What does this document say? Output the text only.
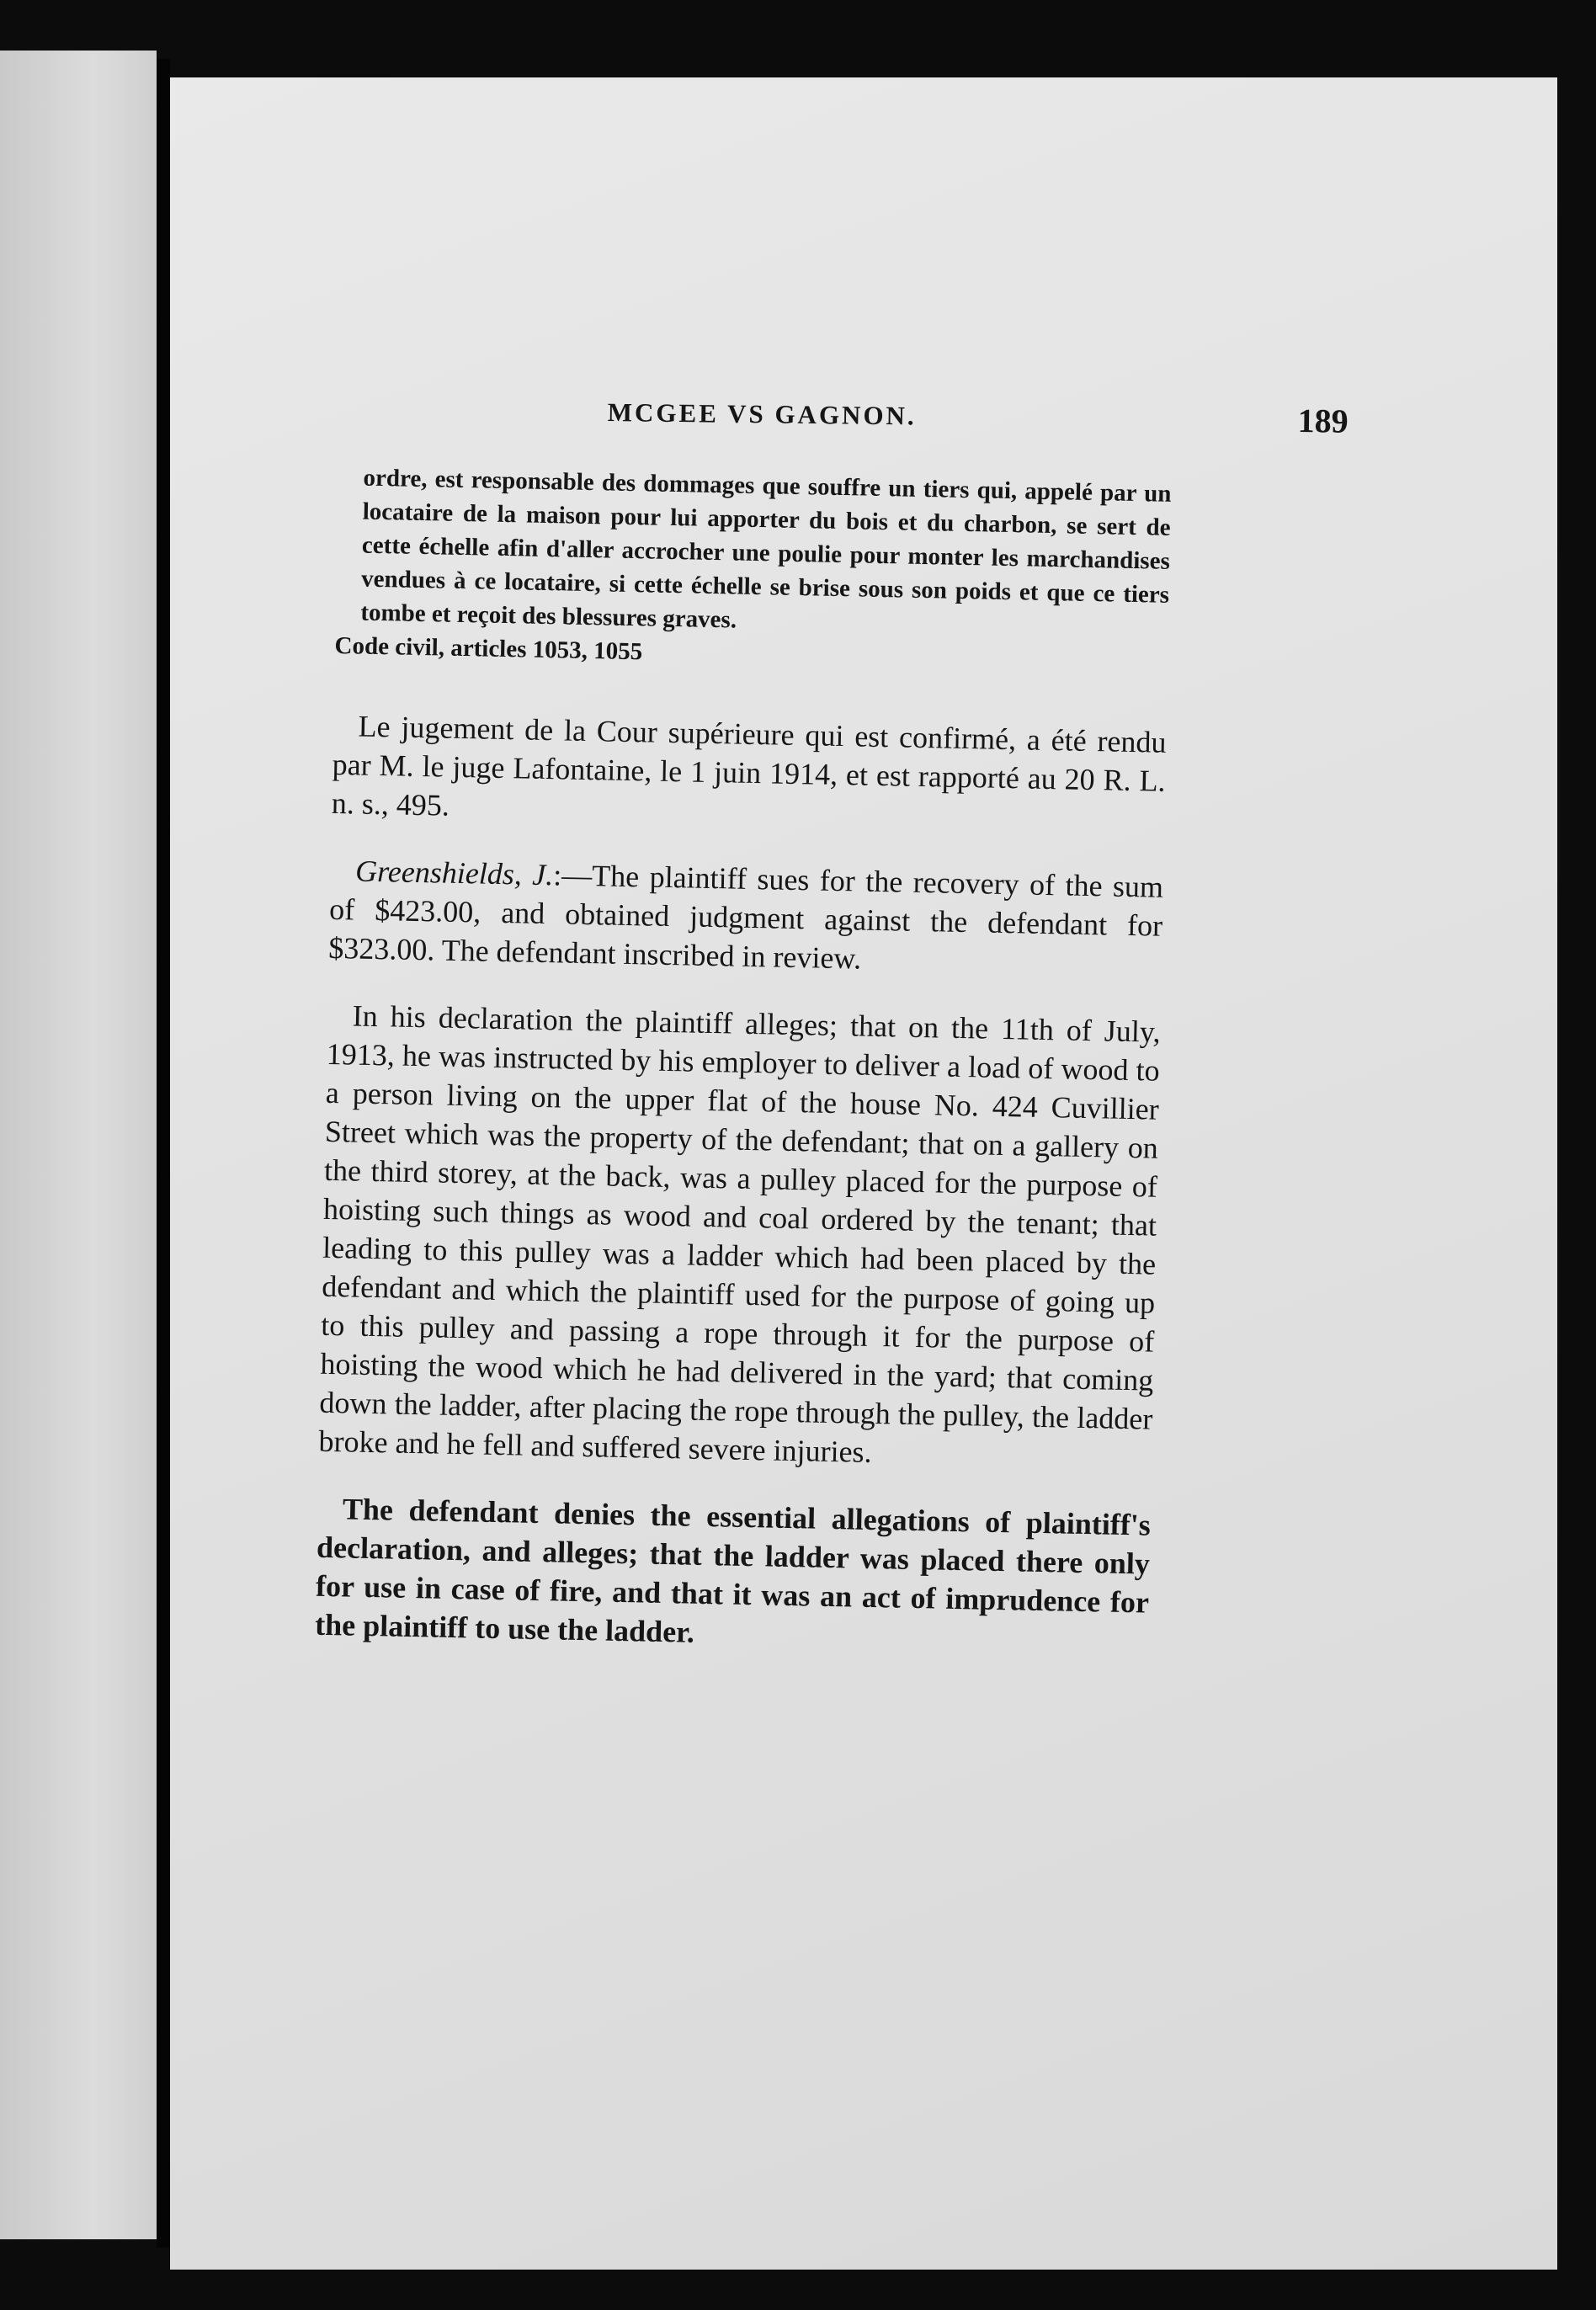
MCGEE VS GAGNON.	189

ordre, est responsable des dommages que souffre un tiers qui, appelé par un locataire de la maison pour lui apporter du bois et du charbon, se sert de cette échelle afin d'aller accrocher une poulie pour monter les marchandises vendues à ce locataire, si cette échelle se brise sous son poids et que ce tiers tombe et reçoit des blessures graves.

Code civil, articles 1053, 1055

Le jugement de la Cour supérieure qui est confirmé, a été rendu par M. le juge Lafontaine, le 1 juin 1914, et est rapporté au 20 R. L. n. s., 495.

Greenshields, J.:—The plaintiff sues for the recovery of the sum of $423.00, and obtained judgment against the defendant for $323.00. The defendant inscribed in review.

In his declaration the plaintiff alleges; that on the 11th of July, 1913, he was instructed by his employer to deliver a load of wood to a person living on the upper flat of the house No. 424 Cuvillier Street which was the property of the defendant; that on a gallery on the third storey, at the back, was a pulley placed for the purpose of hoisting such things as wood and coal ordered by the tenant; that leading to this pulley was a ladder which had been placed by the defendant and which the plaintiff used for the purpose of going up to this pulley and passing a rope through it for the purpose of hoisting the wood which he had delivered in the yard; that coming down the ladder, after placing the rope through the pulley, the ladder broke and he fell and suffered severe injuries.

The defendant denies the essential allegations of plaintiff's declaration, and alleges; that the ladder was placed there only for use in case of fire, and that it was an act of imprudence for the plaintiff to use the ladder.
